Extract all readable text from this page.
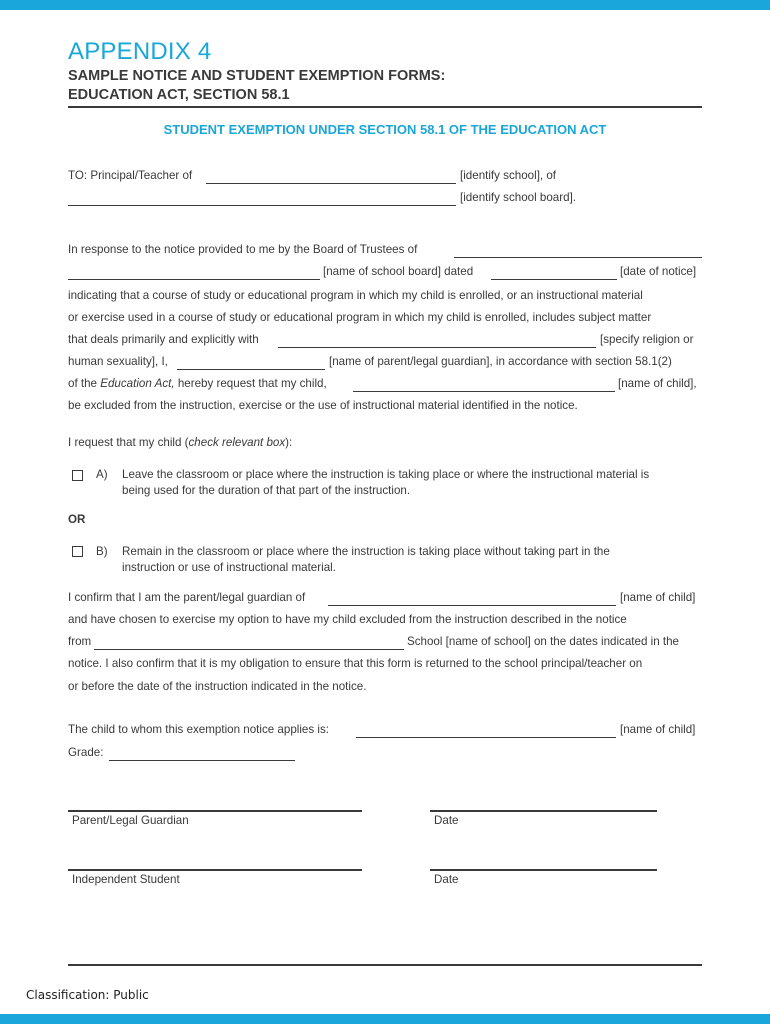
APPENDIX 4
SAMPLE NOTICE AND STUDENT EXEMPTION FORMS:
EDUCATION ACT, SECTION 58.1
STUDENT EXEMPTION UNDER SECTION 58.1 OF THE EDUCATION ACT
TO: Principal/Teacher of	[identify school], of
[identify school board].
In response to the notice provided to me by the Board of Trustees of
[name of school board] dated	[date of notice]
indicating that a course of study or educational program in which my child is enrolled, or an instructional material
or exercise used in a course of study or educational program in which my child is enrolled, includes subject matter
that deals primarily and explicitly with	[specify religion or
human sexuality], I,	[name of parent/legal guardian], in accordance with section 58.1(2)
of the Education Act, hereby request that my child,	[name of child],
be excluded from the instruction, exercise or the use of instructional material identified in the notice.
I request that my child (check relevant box):
A) Leave the classroom or place where the instruction is taking place or where the instructional material is
being used for the duration of that part of the instruction.
OR
B) Remain in the classroom or place where the instruction is taking place without taking part in the
instruction or use of instructional material.
I confirm that I am the parent/legal guardian of	[name of child]
and have chosen to exercise my option to have my child excluded from the instruction described in the notice
from	School [name of school] on the dates indicated in the
notice. I also confirm that it is my obligation to ensure that this form is returned to the school principal/teacher on
or before the date of the instruction indicated in the notice.
The child to whom this exemption notice applies is:	[name of child]
Grade:
Parent/Legal Guardian	Date
Independent Student	Date
Classification: Public
